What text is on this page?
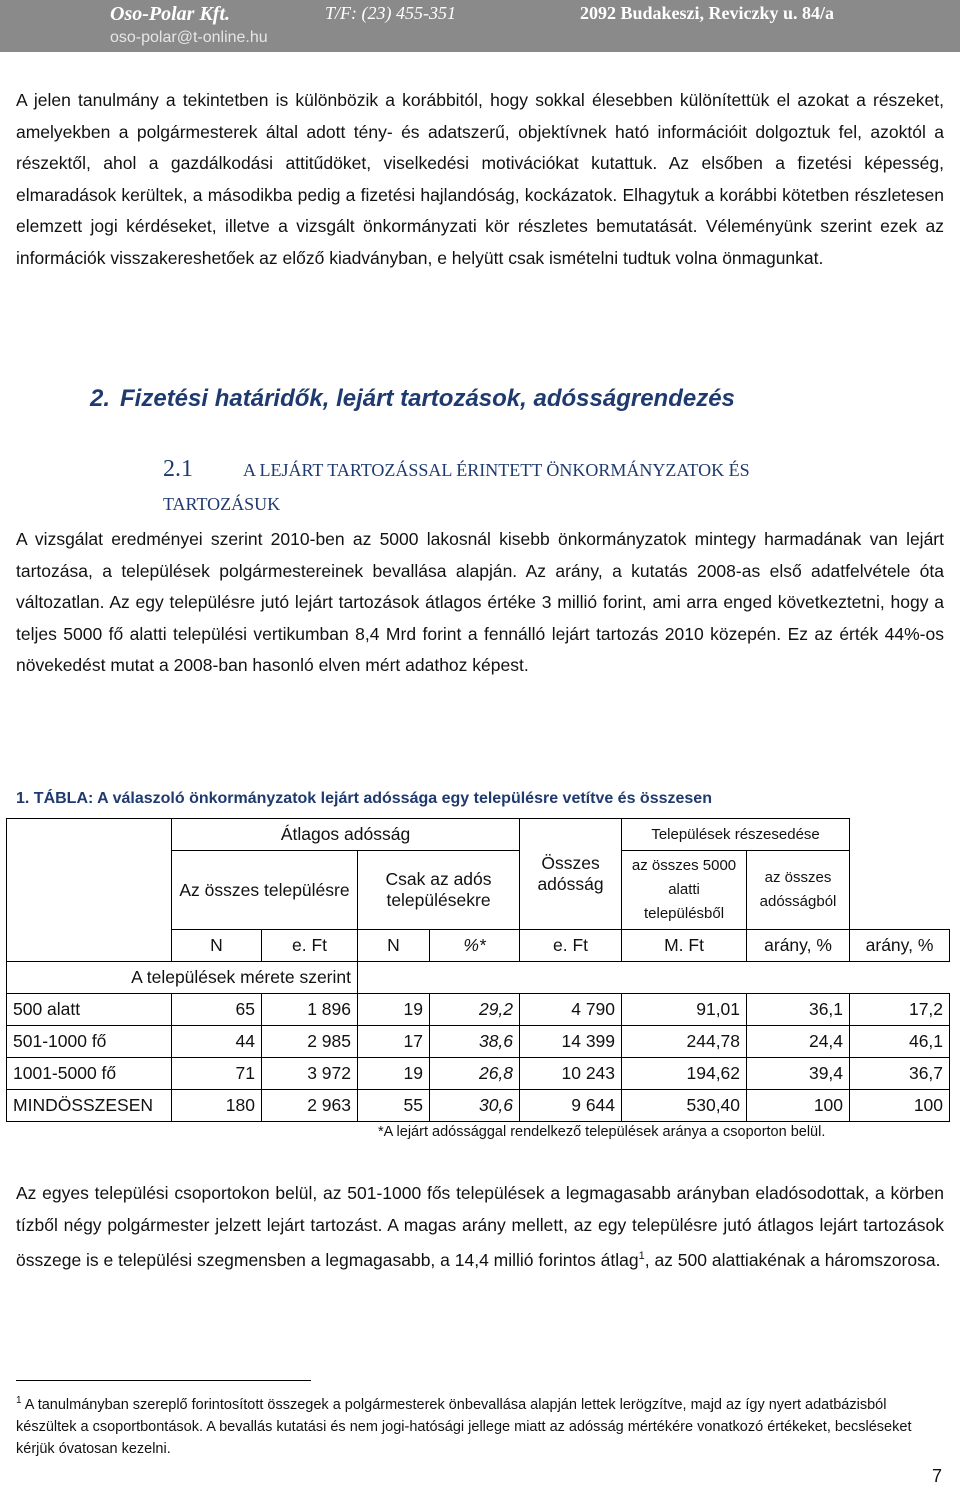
Oso-Polar Kft.	T/F: (23) 455-351	2092 Budakeszi, Reviczky u. 84/a
oso-polar@t-online.hu

A jelen tanulmány a tekintetben is különbözik a korábbitól, hogy sokkal élesebben különítettük el azokat a részeket, amelyekben a polgármesterek által adott tény- és adatszerű, objektívnek ható információit dolgoztuk fel, azoktól a részektől, ahol a gazdálkodási attitűdöket, viselkedési motivációkat kutattuk. Az elsőben a fizetési képesség, elmaradások kerültek, a másodikba pedig a fizetési hajlandóság, kockázatok. Elhagytuk a korábbi kötetben részletesen elemzett jogi kérdéseket, illetve a vizsgált önkormányzati kör részletes bemutatását. Véleményünk szerint ezek az információk visszakereshetőek az előző kiadványban, e helyütt csak ismételni tudtuk volna önmagunkat.

2. Fizetési határidők, lejárt tartozások, adósságrendezés
2.1	A LEJÁRT TARTOZÁSSAL ÉRINTETT ÖNKORMÁNYZATOK ÉS
TARTOZÁSUK

A vizsgálat eredményei szerint 2010-ben az 5000 lakosnál kisebb önkormányzatok mintegy harmadának van lejárt tartozása, a települések polgármestereinek bevallása alapján. Az arány, a kutatás 2008-as első adatfelvétele óta változatlan. Az egy településre jutó lejárt tartozások átlagos értéke 3 millió forint, ami arra enged következtetni, hogy a teljes 5000 fő alatti települési vertikumban 8,4 Mrd forint a fennálló lejárt tartozás 2010 közepén. Ez az érték 44%-os növekedést mutat a 2008-ban hasonló elven mért adathoz képest.

1. TÁBLA: A válaszoló önkormányzatok lejárt adóssága egy településre vetítve és összesen
	Átlagos adósság				Összes adósság	Települések részesedése		
	Az összes településre		Csak az adós településekre			az összes 5000 alatti településből	az összes adósságból	
	N	e. Ft	N	%*	e. Ft	M. Ft	arány, %	arány, %
A települések mérete szerint								
500 alatt	65	1 896	19	29,2	4 790	91,01	36,1	17,2
501-1000 fő	44	2 985	17	38,6	14 399	244,78	24,4	46,1
1001-5000 fő	71	3 972	19	26,8	10 243	194,62	39,4	36,7
MINDÖSSZESEN	180	2 963	55	30,6	9 644	530,40	100	100
*A lejárt adóssággal rendelkező települések aránya a csoporton belül.

Az egyes települési csoportokon belül, az 501-1000 fős települések a legmagasabb arányban eladósodottak, a körben tízből négy polgármester jelzett lejárt tartozást. A magas arány mellett, az egy településre jutó átlagos lejárt tartozások összege is e települési szegmensben a legmagasabb, a 14,4 millió forintos átlag$^1$, az 500 alattiakénak a háromszorosa.

$^1$ A tanulmányban szereplő forintosított összegek a polgármesterek önbevallása alapján lettek lerögzítve, majd az így nyert adatbázisból készültek a csoportbontások. A bevallás kutatási és nem jogi-hatósági jellege miatt az adósság mértékére vonatkozó értékeket, becsléseket kérjük óvatosan kezelni.
7
